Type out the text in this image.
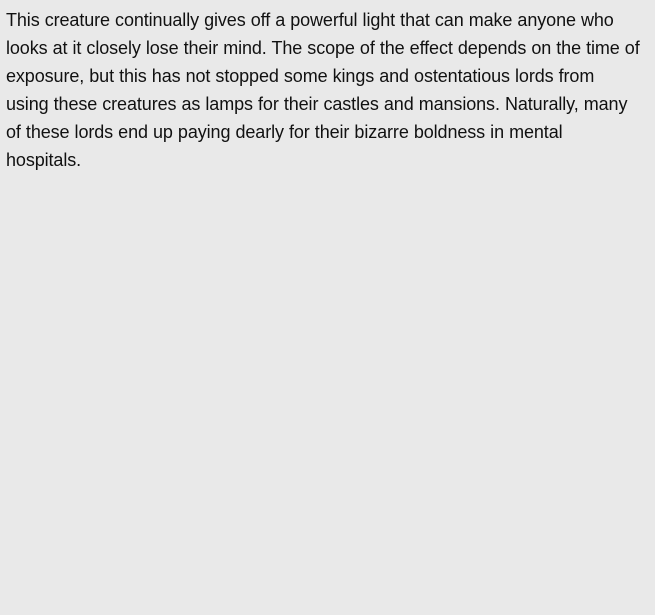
This creature continually gives off a powerful light that can make anyone who looks at it closely lose their mind. The scope of the effect depends on the time of exposure, but this has not stopped some kings and ostentatious lords from using these creatures as lamps for their castles and mansions. Naturally, many of these lords end up paying dearly for their bizarre boldness in mental hospitals.
